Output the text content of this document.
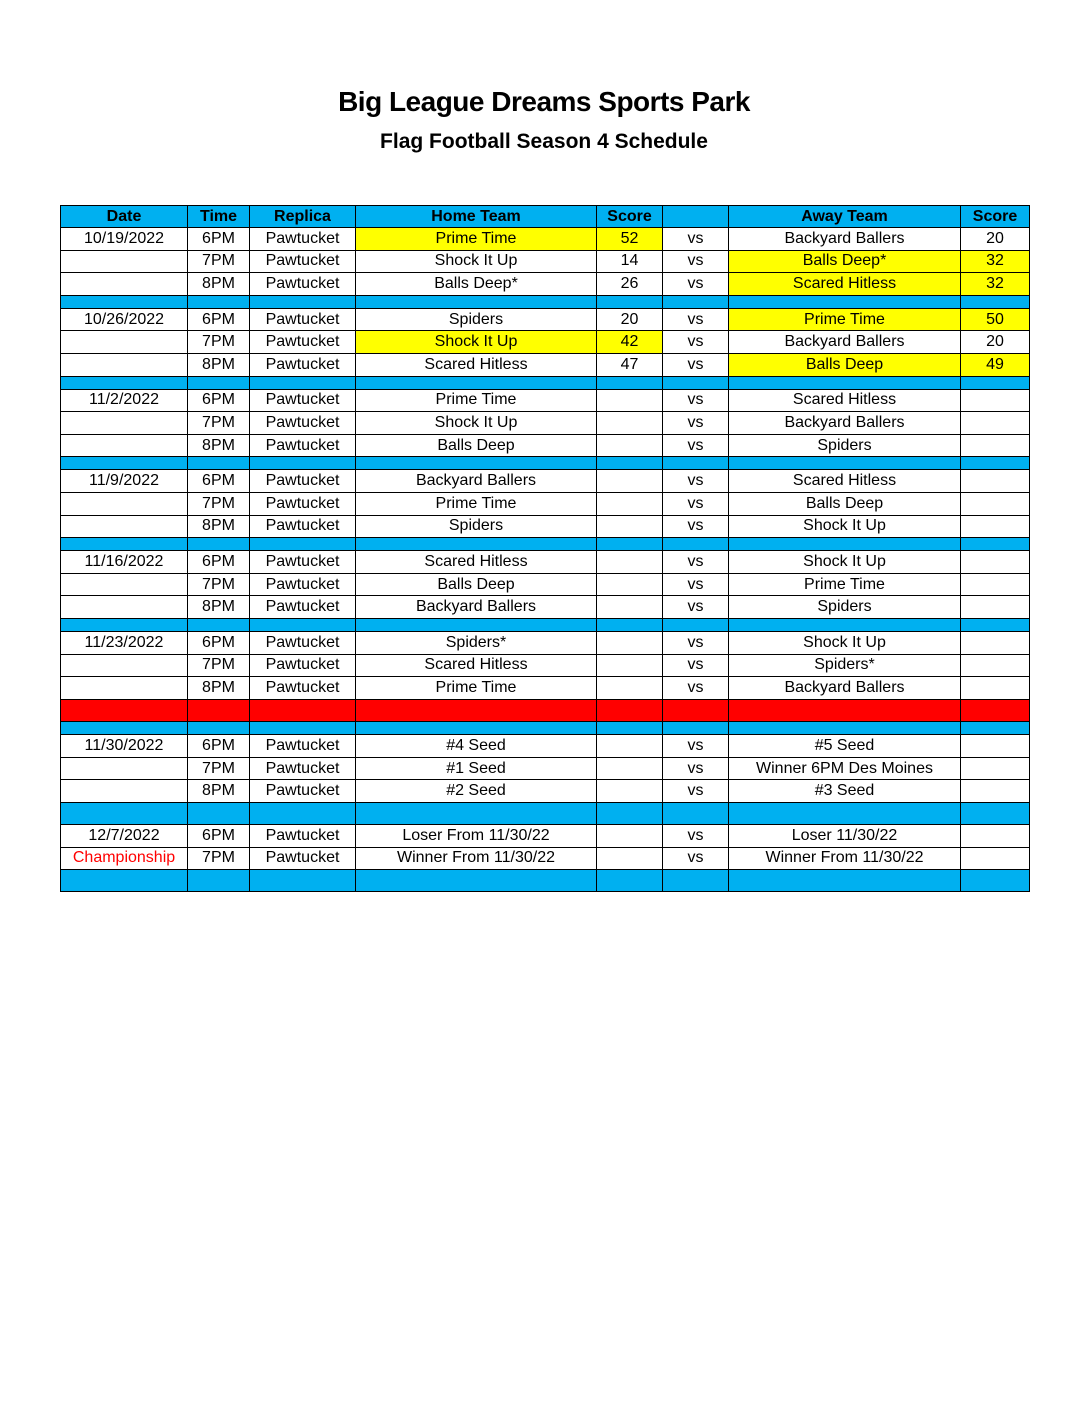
Big League Dreams Sports Park
Flag Football Season 4 Schedule
Date	Time	Replica	Home Team	Score		Away Team	Score
10/19/2022	6PM	Pawtucket	Prime Time	52	vs	Backyard Ballers	20
	7PM	Pawtucket	Shock It Up	14	vs	Balls Deep*	32
	8PM	Pawtucket	Balls Deep*	26	vs	Scared Hitless	32

10/26/2022	6PM	Pawtucket	Spiders	20	vs	Prime Time	50
	7PM	Pawtucket	Shock It Up	42	vs	Backyard Ballers	20
	8PM	Pawtucket	Scared Hitless	47	vs	Balls Deep	49

11/2/2022	6PM	Pawtucket	Prime Time		vs	Scared Hitless	
	7PM	Pawtucket	Shock It Up		vs	Backyard Ballers	
	8PM	Pawtucket	Balls Deep		vs	Spiders	

11/9/2022	6PM	Pawtucket	Backyard Ballers		vs	Scared Hitless	
	7PM	Pawtucket	Prime Time		vs	Balls Deep	
	8PM	Pawtucket	Spiders		vs	Shock It Up	

11/16/2022	6PM	Pawtucket	Scared Hitless		vs	Shock It Up	
	7PM	Pawtucket	Balls Deep		vs	Prime Time	
	8PM	Pawtucket	Backyard Ballers		vs	Spiders	

11/23/2022	6PM	Pawtucket	Spiders*		vs	Shock It Up	
	7PM	Pawtucket	Scared Hitless		vs	Spiders*	
	8PM	Pawtucket	Prime Time		vs	Backyard Ballers	
			Balls Deep		vs	BYE	

11/30/2022	6PM	Pawtucket	#4 Seed		vs	#5 Seed	
	7PM	Pawtucket	#1 Seed		vs	Winner 6PM Des Moines	
	8PM	Pawtucket	#2 Seed		vs	#3 Seed	

12/7/2022	6PM	Pawtucket	Loser From 11/30/22		vs	Loser 11/30/22	
Championship	7PM	Pawtucket	Winner From 11/30/22		vs	Winner From 11/30/22	
